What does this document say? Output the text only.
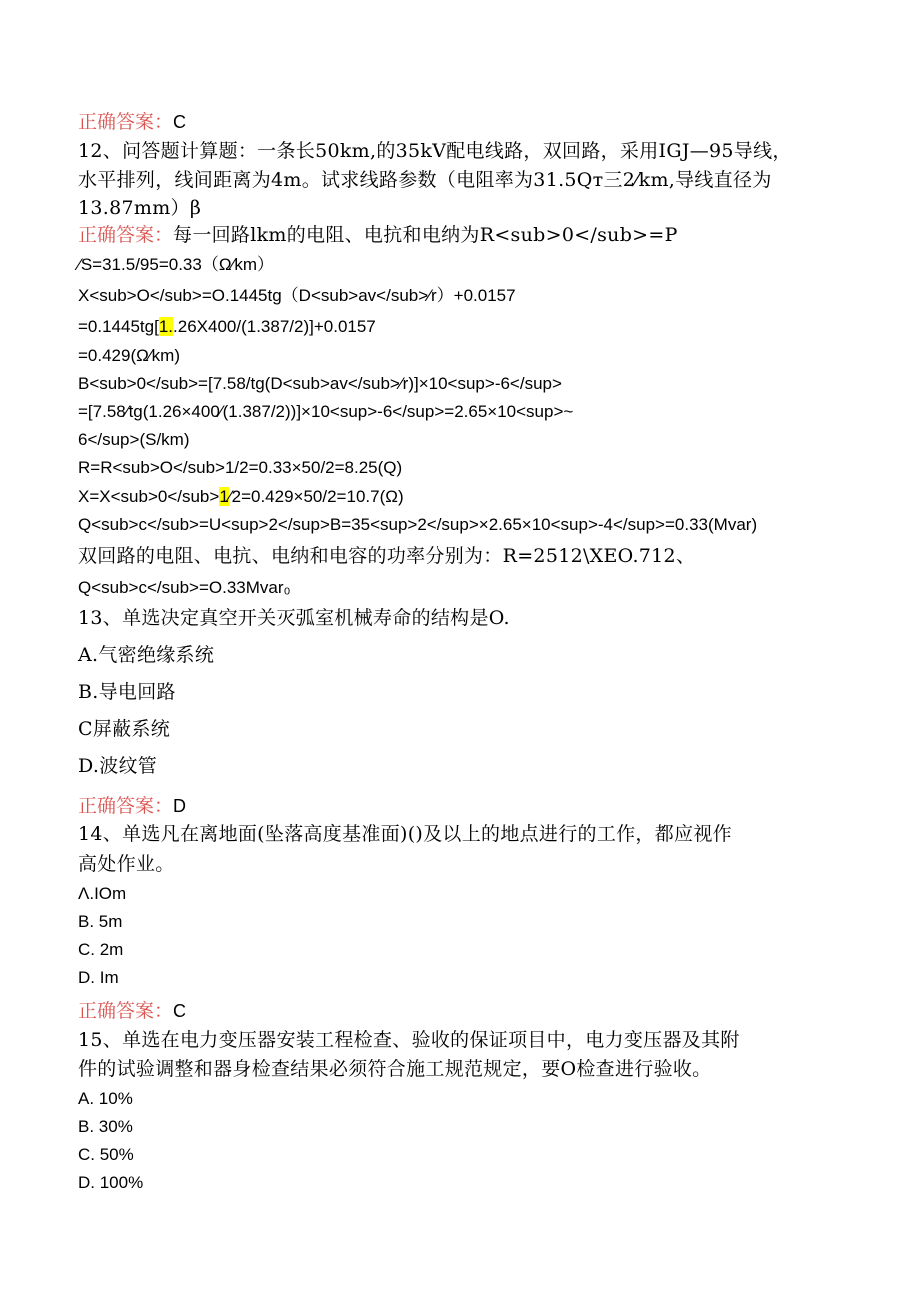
正确答案：C
12、问答题计算题：一条长50km,的35kV配电线路，双回路，采用IGJ—95导线，
水平排列，线间距离为4m。试求线路参数（电阻率为31.5Qт三2⁄km,导线直径为
13.87mm）β
正确答案：每一回路lkm的电阻、电抗和电纳为R<sub>0</sub>=P
⁄S=31.5/95=0.33（Ω⁄km）
X<sub>O</sub>=O.1445tg（D<sub>av</sub>⁄r）+0.0157
=0.1445tg[1..26X400/(1.387/2)]+0.0157
=0.429(Ω⁄km)
B<sub>0</sub>=[7.58/tg(D<sub>av</sub>⁄r)]×10<sup>-6</sup>
=[7.58⁄tg(1.26×400⁄(1.387/2))]×10<sup>-6</sup>=2.65×10<sup>~
6</sup>(S/km)
R=R<sub>O</sub>1/2=0.33×50/2=8.25(Q)
X=X<sub>0</sub>1⁄2=0.429×50/2=10.7(Ω)
Q<sub>c</sub>=U<sup>2</sup>B=35<sup>2</sup>×2.65×10<sup>-4</sup>=0.33(Mvar)
双回路的电阻、电抗、电纳和电容的功率分别为：R=2512\XEO.712、
Q<sub>c</sub>=O.33Mvar₀
13、单选决定真空开关灭弧室机械寿命的结构是O.
A.气密绝缘系统
B.导电回路
C屏蔽系统
D.波纹管
正确答案：D
14、单选凡在离地面(坠落高度基准面)()及以上的地点进行的工作，都应视作
高处作业。
Λ.IOm
B. 5m
C. 2m
D. Im
正确答案：C
15、单选在电力变压器安装工程检查、验收的保证项目中，电力变压器及其附
件的试验调整和器身检查结果必须符合施工规范规定，要O检查进行验收。
A. 10%
B. 30%
C. 50%
D. 100%
